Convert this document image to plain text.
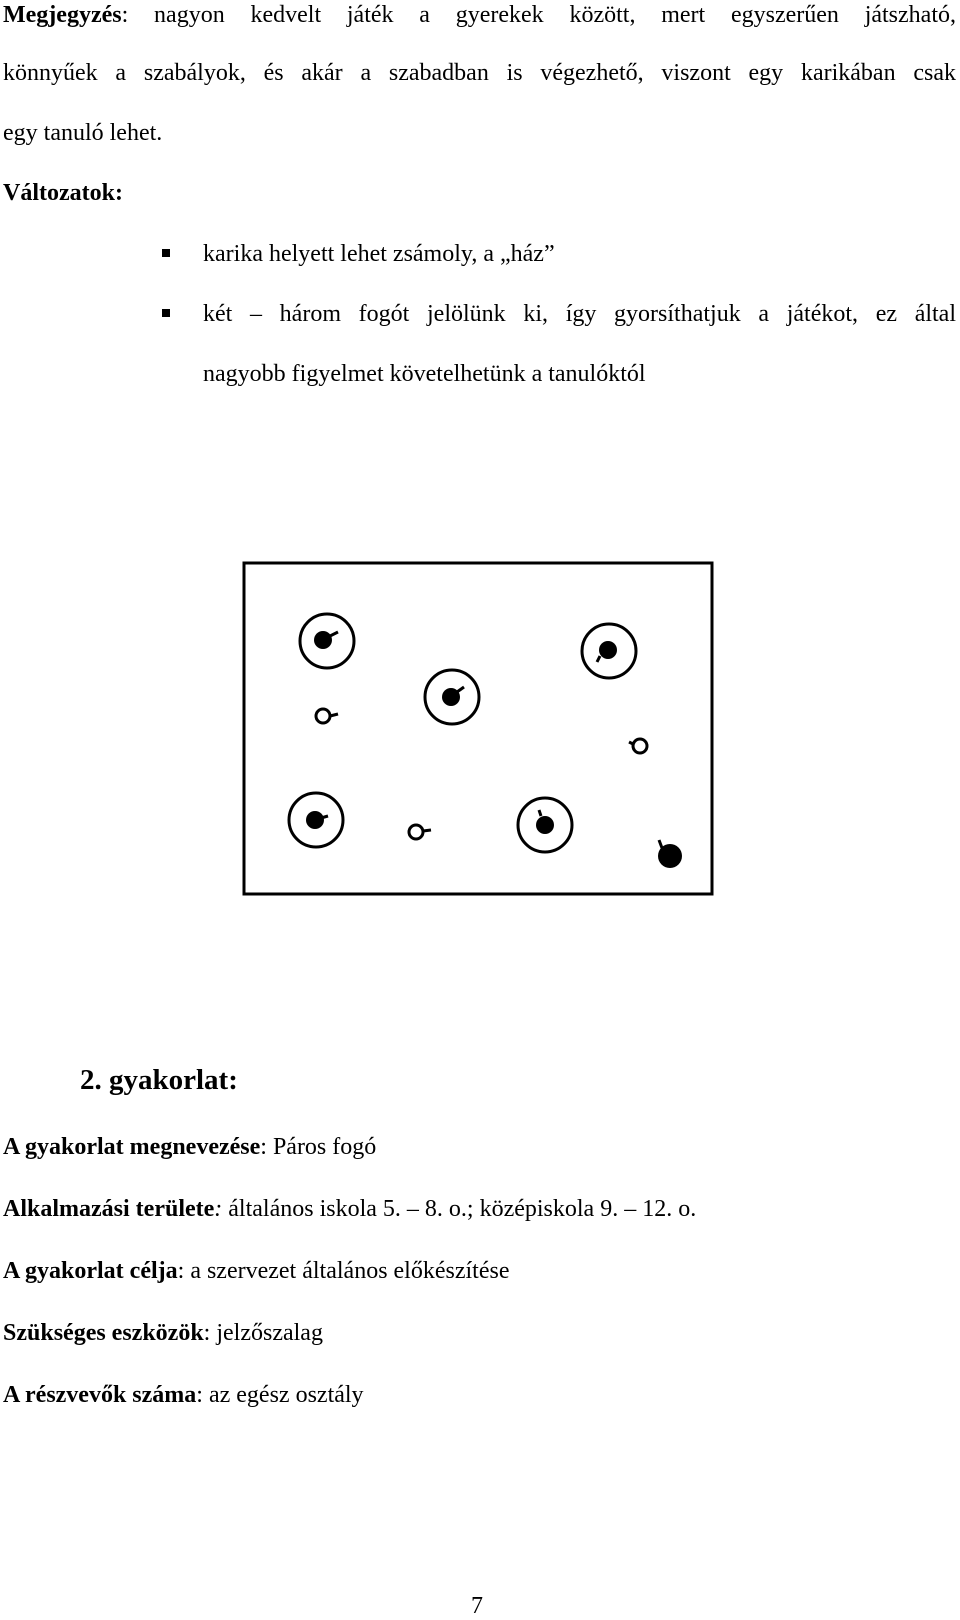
Megjegyzés: nagyon kedvelt játék a gyerekek között, mert egyszerűen játszható,
könnyűek a szabályok, és akár a szabadban is végezhető, viszont egy karikában csak
egy tanuló lehet.
Változatok:
karika helyett lehet zsámoly, a „ház”
két – három fogót jelölünk ki, így gyorsíthatjuk a játékot, ez által
nagyobb figyelmet követelhetünk a tanulóktól
2. gyakorlat:
A gyakorlat megnevezése: Páros fogó
Alkalmazási területe: általános iskola 5. – 8. o.; középiskola 9. – 12. o.
A gyakorlat célja: a szervezet általános előkészítése
Szükséges eszközök: jelzőszalag
A részvevők száma: az egész osztály
7
